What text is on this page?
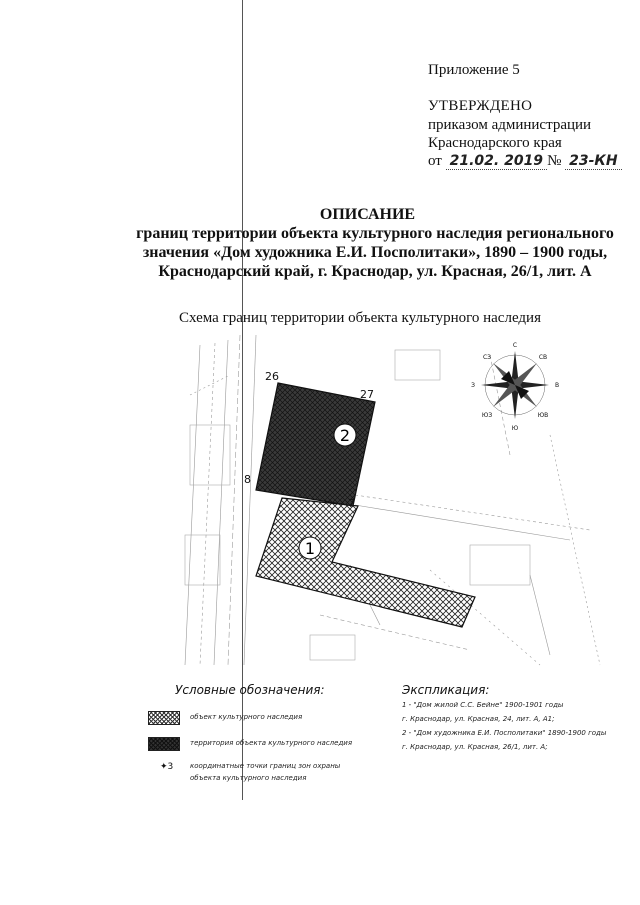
Приложение 5
УТВЕРЖДЕНО
приказом администрации
Краснодарского края
от 21.02. 2019 № 23-КН
ОПИСАНИЕ
границ территории объекта культурного наследия регионального
значения «Дом художника Е.И. Посполитаки», 1890 – 1900 годы,
Краснодарский край, г. Краснодар, ул. Красная, 26/1, лит. А
Схема границ территории объекта культурного наследия
26
27
8
7
2
1
С
Ю
З	В
СЗ	СВ
ЮЗ	ЮВ
Условные обозначения:
объект культурного наследия
территория объекта культурного наследия
✦3 координатные точки границ зон охраны объекта культурного наследия
Экспликация:
1 - "Дом жилой С.С. Бейне" 1900-1901 годы
г. Краснодар, ул. Красная, 24, лит. А, А1;
2 - "Дом художника Е.И. Посполитаки" 1890-1900 годы
г. Краснодар, ул. Красная, 26/1, лит. А;
